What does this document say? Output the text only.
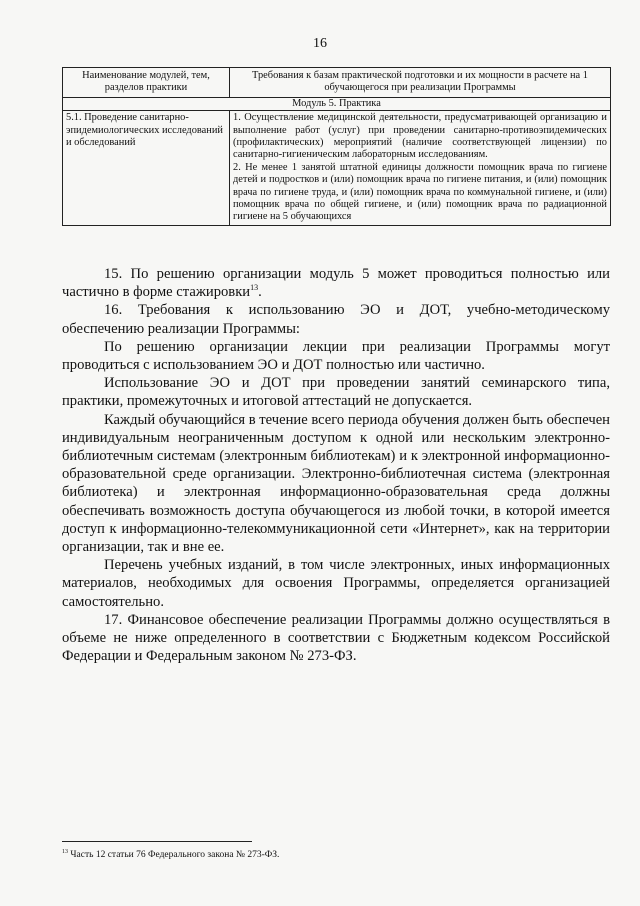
16
Наименование модулей, тем, разделов практики	Требования к базам практической подготовки и их мощности в расчете на 1 обучающегося при реализации Программы
Модуль 5. Практика	
5.1. Проведение санитарно-эпидемиологических исследований и обследований	1. Осуществление медицинской деятельности, предусматривающей организацию и выполнение работ (услуг) при проведении санитарно-противоэпидемических (профилактических) мероприятий (наличие соответствующей лицензии) по санитарно-гигиеническим лабораторным исследованиям.

2. Не менее 1 занятой штатной единицы должности помощник врача по гигиене детей и подростков и (или) помощник врача по гигиене питания, и (или) помощник врача по гигиене труда, и (или) помощник врача по коммунальной гигиене, и (или) помощник врача по общей гигиене, и (или) помощник врача по радиационной гигиене на 5 обучающихся

15. По решению организации модуль 5 может проводиться полностью или частично в форме стажировки$^{13}$.

16. Требования к использованию ЭО и ДОТ, учебно-методическому обеспечению реализации Программы:

По решению организации лекции при реализации Программы могут проводиться с использованием ЭО и ДОТ полностью или частично.

Использование ЭО и ДОТ при проведении занятий семинарского типа, практики, промежуточных и итоговой аттестаций не допускается.

Каждый обучающийся в течение всего периода обучения должен быть обеспечен индивидуальным неограниченным доступом к одной или нескольким электронно-библиотечным системам (электронным библиотекам) и к электронной информационно-образовательной среде организации. Электронно-библиотечная система (электронная библиотека) и электронная информационно-образовательная среда должны обеспечивать возможность доступа обучающегося из любой точки, в которой имеется доступ к информационно-телекоммуникационной сети «Интернет», как на территории организации, так и вне ее.

Перечень учебных изданий, в том числе электронных, иных информационных материалов, необходимых для освоения Программы, определяется организацией самостоятельно.

17. Финансовое обеспечение реализации Программы должно осуществляться в объеме не ниже определенного в соответствии с Бюджетным кодексом Российской Федерации и Федеральным законом № 273-ФЗ.

$^{13}$ Часть 12 статьи 76 Федерального закона № 273-ФЗ.
